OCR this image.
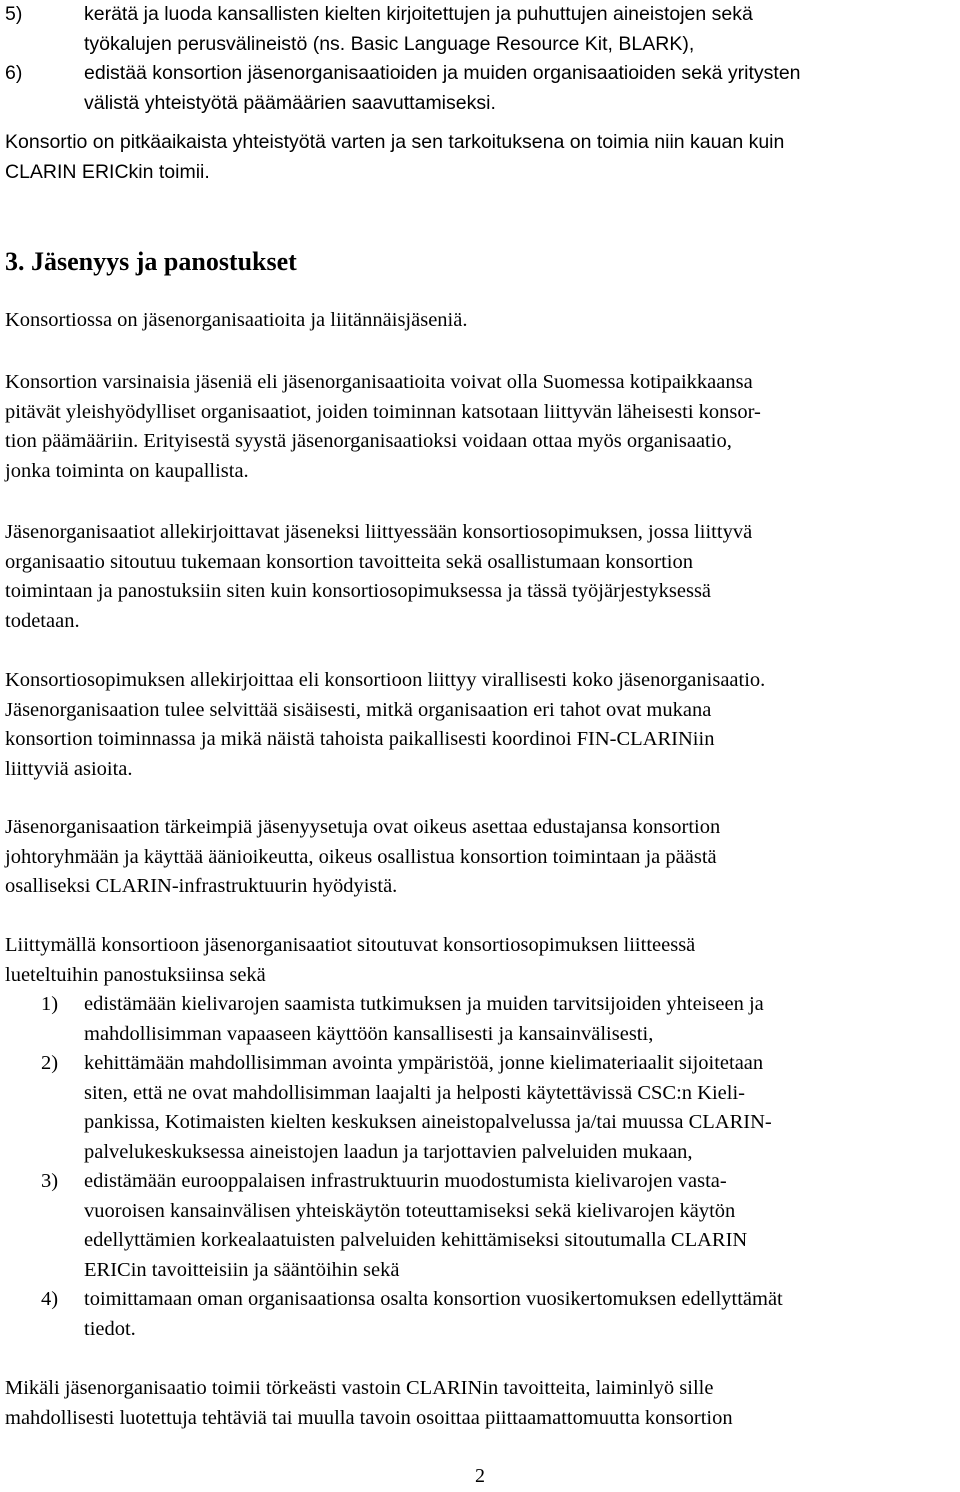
5)	kerätä ja luoda kansallisten kielten kirjoitettujen ja puhuttujen aineistojen sekä
työkalujen perusvälineistö (ns. Basic Language Resource Kit, BLARK),
6)	edistää konsortion jäsenorganisaatioiden ja muiden organisaatioiden sekä yritysten
välistä yhteistyötä päämäärien saavuttamiseksi.
Konsortio on pitkäaikaista yhteistyötä varten ja sen tarkoituksena on toimia niin kauan kuin
CLARIN ERICkin toimii.
3. Jäsenyys ja panostukset
Konsortiossa on jäsenorganisaatioita ja liitännäisjäseniä.
Konsortion varsinaisia jäseniä eli jäsenorganisaatioita voivat olla Suomessa kotipaikkaansa
pitävät yleishyödylliset organisaatiot, joiden toiminnan katsotaan liittyvän läheisesti konsor-
tion päämääriin. Erityisestä syystä jäsenorganisaatioksi voidaan ottaa myös organisaatio,
jonka toiminta on kaupallista.
Jäsenorganisaatiot allekirjoittavat jäseneksi liittyessään konsortiosopimuksen, jossa liittyvä
organisaatio sitoutuu tukemaan konsortion tavoitteita sekä osallistumaan konsortion
toimintaan ja panostuksiin siten kuin konsortiosopimuksessa ja tässä työjärjestyksessä
todetaan.
Konsortiosopimuksen allekirjoittaa eli konsortioon liittyy virallisesti koko jäsenorganisaatio.
Jäsenorganisaation tulee selvittää sisäisesti, mitkä organisaation eri tahot ovat mukana
konsortion toiminnassa ja mikä näistä tahoista paikallisesti koordinoi FIN-CLARINiin
liittyviä asioita.
Jäsenorganisaation tärkeimpiä jäsenyysetuja ovat oikeus asettaa edustajansa konsortion
johtoryhmään ja käyttää äänioikeutta, oikeus osallistua konsortion toimintaan ja päästä
osalliseksi CLARIN-infrastruktuurin hyödyistä.
Liittymällä konsortioon jäsenorganisaatiot sitoutuvat konsortiosopimuksen liitteessä
lueteltuihin panostuksiinsa sekä
1)	edistämään kielivarojen saamista tutkimuksen ja muiden tarvitsijoiden yhteiseen ja
mahdollisimman vapaaseen käyttöön kansallisesti ja kansainvälisesti,
2)	kehittämään mahdollisimman avointa ympäristöä, jonne kielimateriaalit sijoitetaan
siten, että ne ovat mahdollisimman laajalti ja helposti käytettävissä CSC:n Kieli-
pankissa, Kotimaisten kielten keskuksen aineistopalvelussa ja/tai muussa CLARIN-
palvelukeskuksessa aineistojen laadun ja tarjottavien palveluiden mukaan,
3)	edistämään eurooppalaisen infrastruktuurin muodostumista kielivarojen vasta-
vuoroisen kansainvälisen yhteiskäytön toteuttamiseksi sekä kielivarojen käytön
edellyttämien korkealaatuisten palveluiden kehittämiseksi sitoutumalla CLARIN
ERICin tavoitteisiin ja sääntöihin sekä
4)	toimittamaan oman organisaationsa osalta konsortion vuosikertomuksen edellyttämät
tiedot.
Mikäli jäsenorganisaatio toimii törkeästi vastoin CLARINin tavoitteita, laiminlyö sille
mahdollisesti luotettuja tehtäviä tai muulla tavoin osoittaa piittaamattomuutta konsortion
2
